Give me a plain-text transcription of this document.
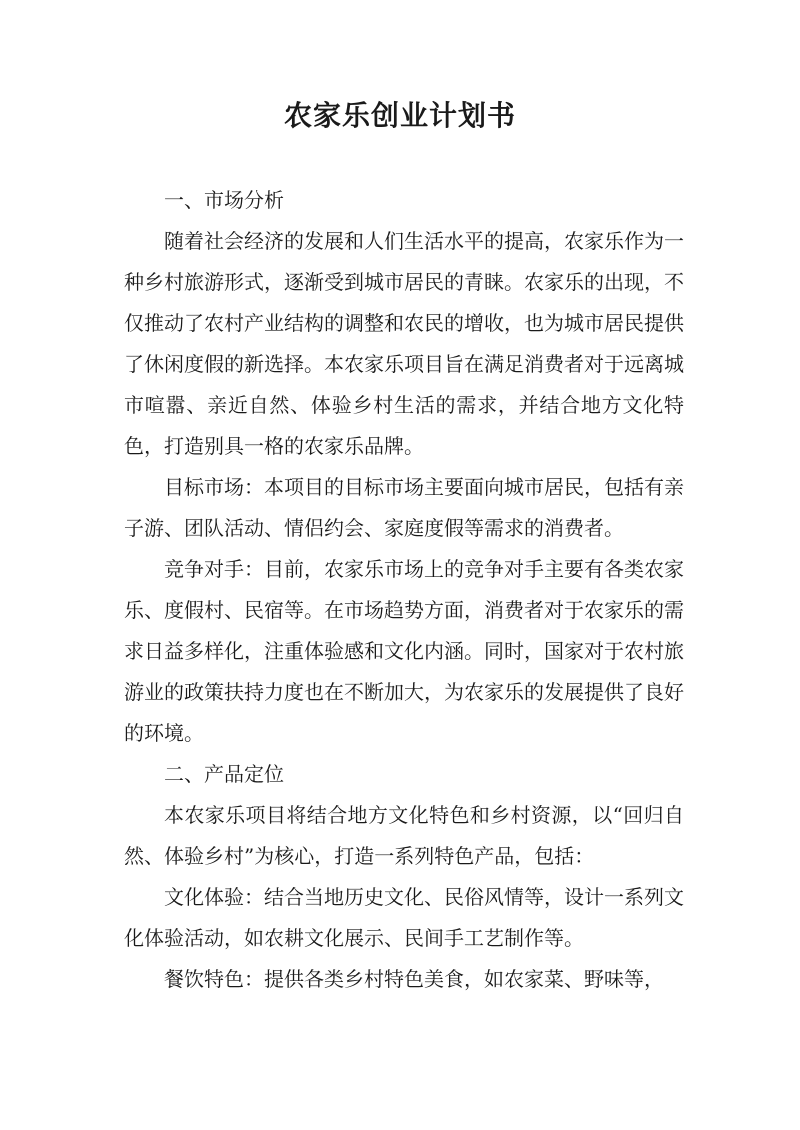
农家乐创业计划书

一、市场分析

随着社会经济的发展和人们生活水平的提高，农家乐作为一种乡村旅游形式，逐渐受到城市居民的青睐。农家乐的出现，不仅推动了农村产业结构的调整和农民的增收，也为城市居民提供了休闲度假的新选择。本农家乐项目旨在满足消费者对于远离城市喧嚣、亲近自然、体验乡村生活的需求，并结合地方文化特色，打造别具一格的农家乐品牌。

目标市场：本项目的目标市场主要面向城市居民，包括有亲子游、团队活动、情侣约会、家庭度假等需求的消费者。

竞争对手：目前，农家乐市场上的竞争对手主要有各类农家乐、度假村、民宿等。在市场趋势方面，消费者对于农家乐的需求日益多样化，注重体验感和文化内涵。同时，国家对于农村旅游业的政策扶持力度也在不断加大，为农家乐的发展提供了良好的环境。

二、产品定位

本农家乐项目将结合地方文化特色和乡村资源，以“回归自然、体验乡村”为核心，打造一系列特色产品，包括：

文化体验：结合当地历史文化、民俗风情等，设计一系列文化体验活动，如农耕文化展示、民间手工艺制作等。

餐饮特色：提供各类乡村特色美食，如农家菜、野味等，
